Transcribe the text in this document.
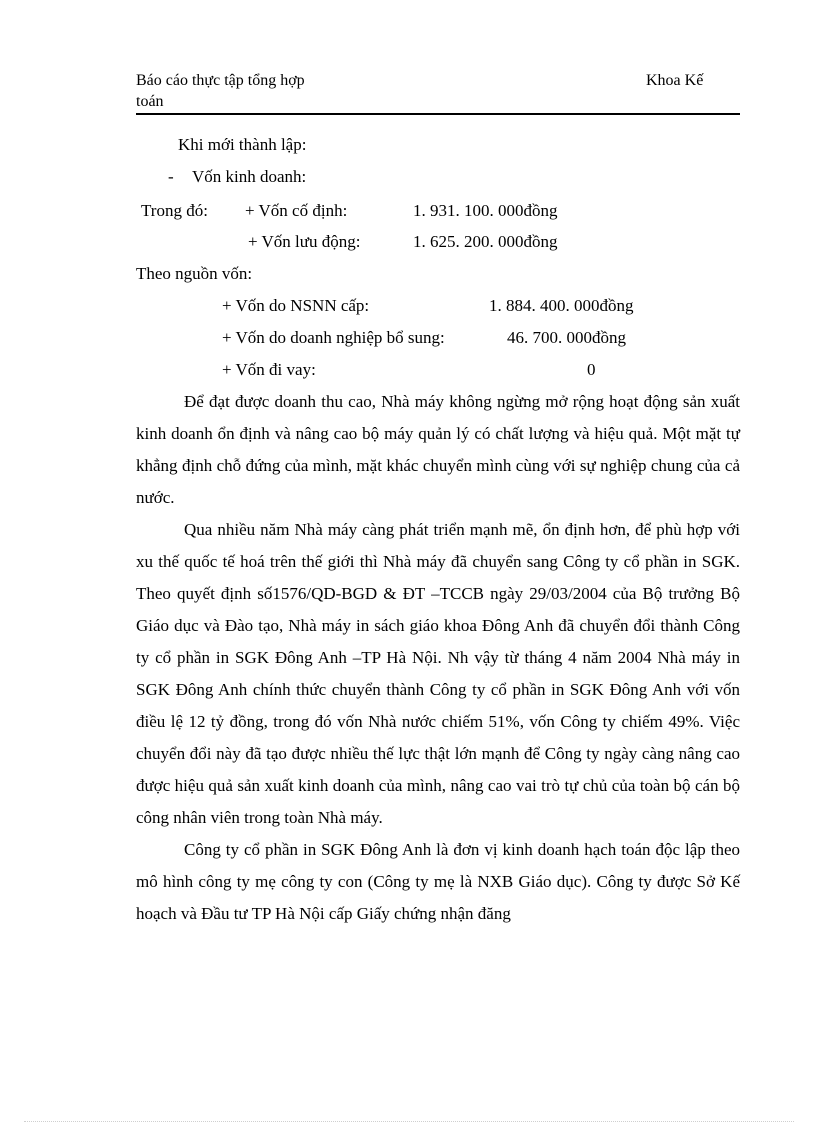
Báo cáo thực tập tổng hợp
toán
Khoa Kế
Khi mới thành lập:
- Vốn kinh doanh:
Trong đó: + Vốn cố định:	1. 931. 100. 000đồng
+ Vốn lưu động:	1. 625. 200. 000đồng
Theo nguồn vốn:
+ Vốn do NSNN cấp:	1. 884. 400. 000đồng
+ Vốn do doanh nghiệp bổ sung:	46. 700. 000đồng
+ Vốn đi vay:	0

Để đạt được doanh thu cao, Nhà máy không ngừng mở rộng hoạt động sản xuất kinh doanh ổn định và nâng cao bộ máy quản lý có chất lượng và hiệu quả. Một mặt tự khẳng định chỗ đứng của mình, mặt khác chuyển mình cùng với sự nghiệp chung của cả nước.

Qua nhiều năm Nhà máy càng phát triển mạnh mẽ, ổn định hơn, để phù hợp với xu thế quốc tế hoá trên thế giới thì Nhà máy đã chuyển sang Công ty cổ phần in SGK. Theo quyết định số1576/QD-BGD & ĐT –TCCB ngày 29/03/2004 của Bộ trưởng Bộ Giáo dục và Đào tạo, Nhà máy in sách giáo khoa Đông Anh đã chuyển đổi thành Công ty cổ phần in SGK Đông Anh –TP Hà Nội. Nh vậy từ tháng 4 năm 2004 Nhà máy in SGK Đông Anh chính thức chuyển thành Công ty cổ phần in SGK Đông Anh với vốn điều lệ 12 tỷ đồng, trong đó vốn Nhà nước chiếm 51%, vốn Công ty chiếm 49%. Việc chuyển đổi này đã tạo được nhiều thế lực thật lớn mạnh để Công ty ngày càng nâng cao được hiệu quả sản xuất kinh doanh của mình, nâng cao vai trò tự chủ của toàn bộ cán bộ công nhân viên trong toàn Nhà máy.

Công ty cổ phần in SGK Đông Anh là đơn vị kinh doanh hạch toán độc lập theo mô hình công ty mẹ công ty con (Công ty mẹ là NXB Giáo dục). Công ty được Sở Kế hoạch và Đầu tư TP Hà Nội cấp Giấy chứng nhận đăng
